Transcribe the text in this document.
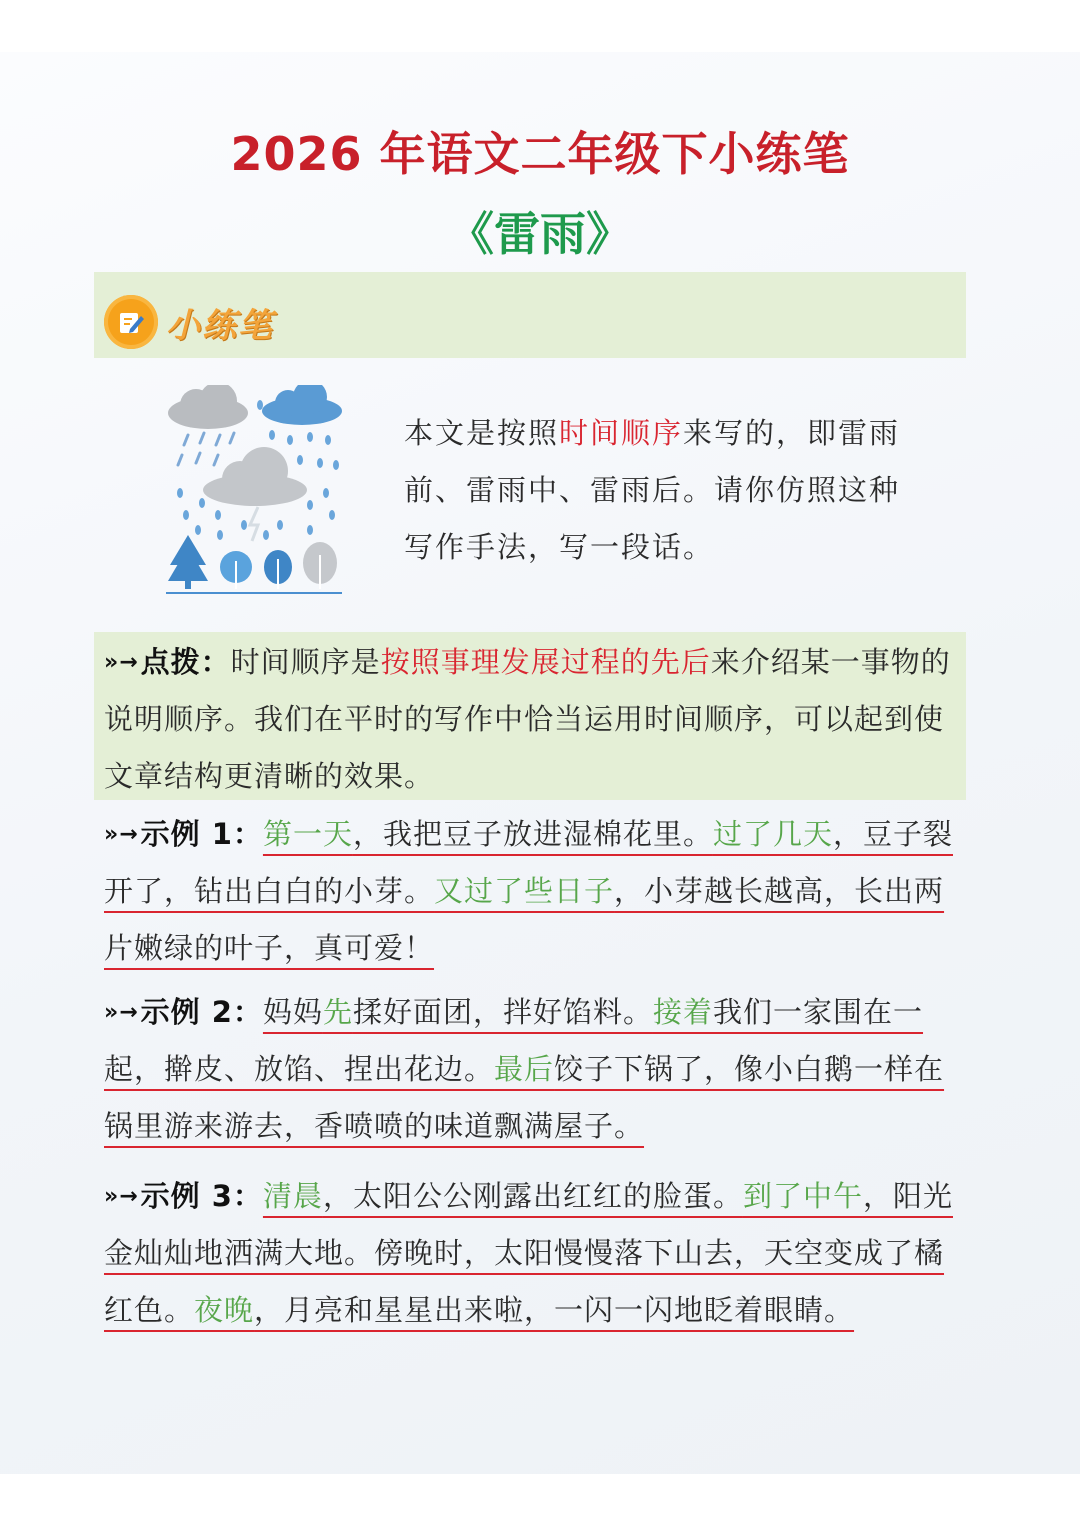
2026 年语文二年级下小练笔
《雷雨》
小练笔
本文是按照时间顺序来写的，即雷雨前、雷雨中、雷雨后。请你仿照这种写作手法，写一段话。
»→点拨：时间顺序是按照事理发展过程的先后来介绍某一事物的说明顺序。我们在平时的写作中恰当运用时间顺序，可以起到使文章结构更清晰的效果。
»→示例 1：第一天，我把豆子放进湿棉花里。过了几天，豆子裂开了，钻出白白的小芽。又过了些日子，小芽越长越高，长出两片嫩绿的叶子，真可爱！
»→示例 2：妈妈先揉好面团，拌好馅料。接着我们一家围在一起，擀皮、放馅、捏出花边。最后饺子下锅了，像小白鹅一样在锅里游来游去，香喷喷的味道飘满屋子。
»→示例 3：清晨，太阳公公刚露出红红的脸蛋。到了中午，阳光金灿灿地洒满大地。傍晚时，太阳慢慢落下山去，天空变成了橘红色。夜晚，月亮和星星出来啦，一闪一闪地眨着眼睛。
